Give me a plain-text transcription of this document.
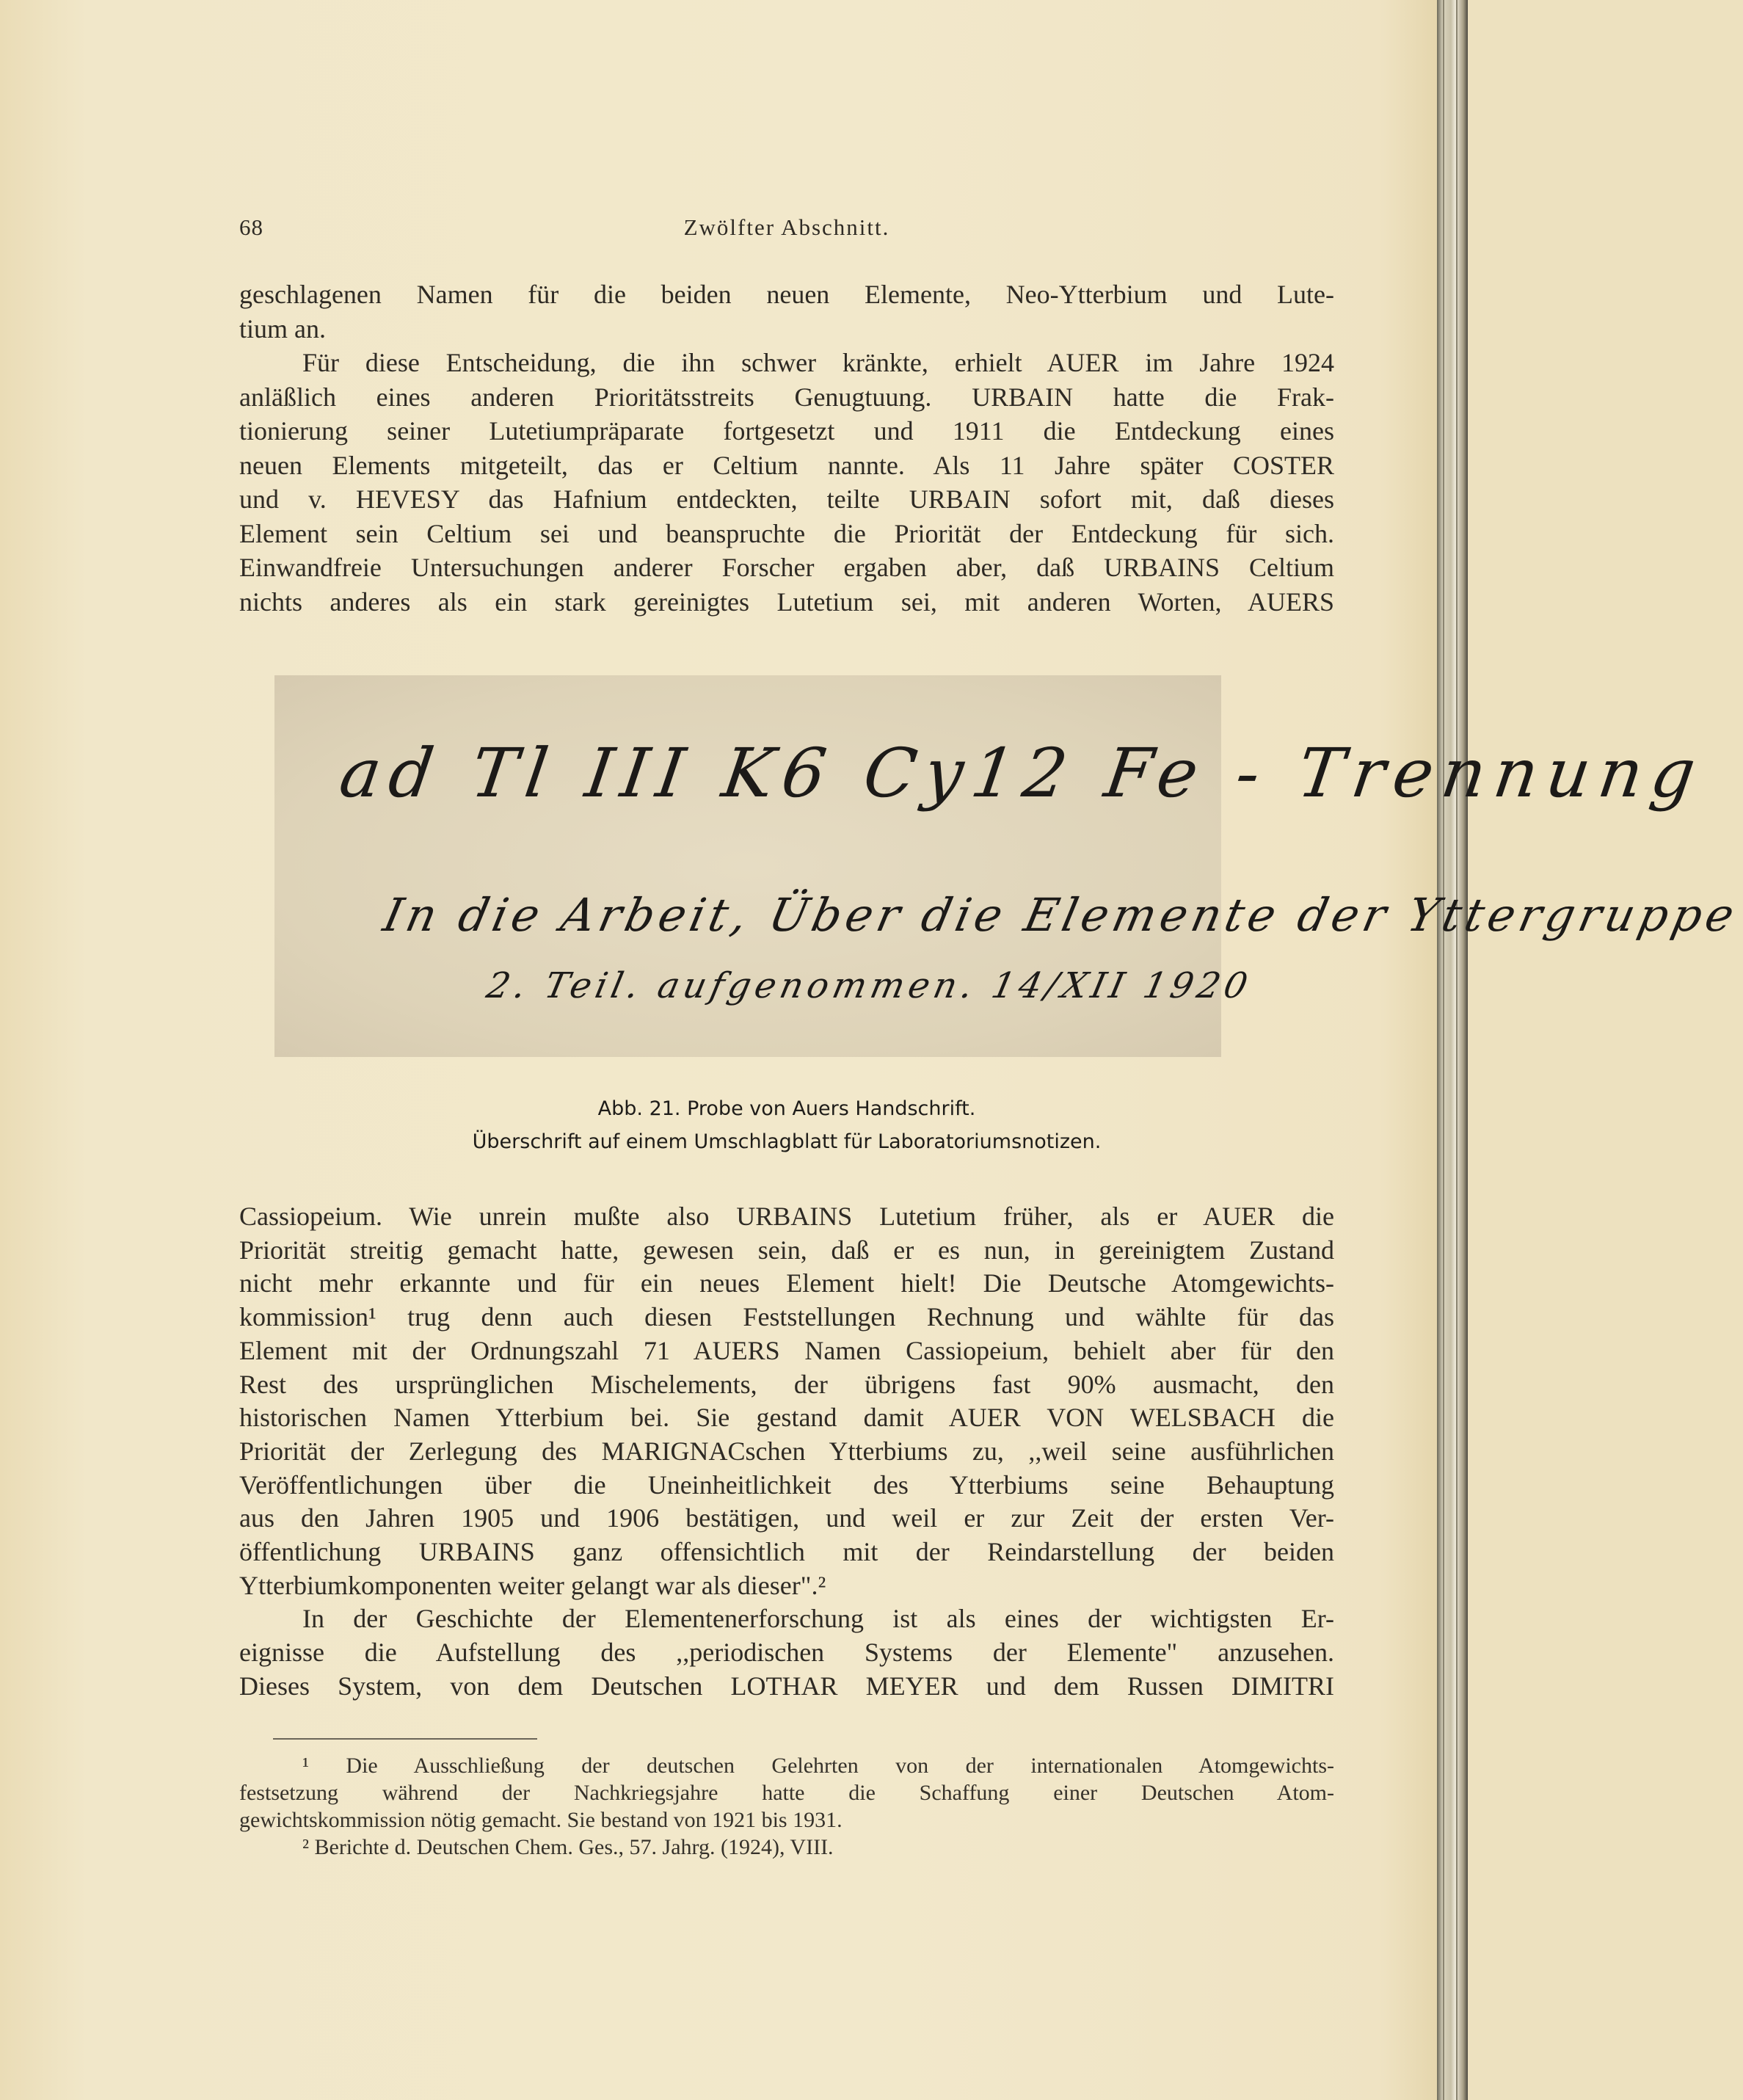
68	Zwölfter Abschnitt.
geschlagenen Namen für die beiden neuen Elemente, Neo-Ytterbium und Lute-
tium an.
Für diese Entscheidung, die ihn schwer kränkte, erhielt AUER im Jahre 1924
anläßlich eines anderen Prioritätsstreits Genugtuung. URBAIN hatte die Frak-
tionierung seiner Lutetiumpräparate fortgesetzt und 1911 die Entdeckung eines
neuen Elements mitgeteilt, das er Celtium nannte. Als 11 Jahre später COSTER
und v. HEVESY das Hafnium entdeckten, teilte URBAIN sofort mit, daß dieses
Element sein Celtium sei und beanspruchte die Priorität der Entdeckung für sich.
Einwandfreie Untersuchungen anderer Forscher ergaben aber, daß URBAINS Celtium
nichts anderes als ein stark gereinigtes Lutetium sei, mit anderen Worten, AUERS
ad Tl III K6 Cy12 Fe - Trennung
In die Arbeit, Über die Elemente der Yttergruppe
2. Teil. aufgenommen. 14/XII 1920
Abb. 21. Probe von Auers Handschrift.
Überschrift auf einem Umschlagblatt für Laboratoriumsnotizen.
Cassiopeium. Wie unrein mußte also URBAINS Lutetium früher, als er AUER die
Priorität streitig gemacht hatte, gewesen sein, daß er es nun, in gereinigtem Zustand
nicht mehr erkannte und für ein neues Element hielt! Die Deutsche Atomgewichts-
kommission¹ trug denn auch diesen Feststellungen Rechnung und wählte für das
Element mit der Ordnungszahl 71 AUERS Namen Cassiopeium, behielt aber für den
Rest des ursprünglichen Mischelements, der übrigens fast 90% ausmacht, den
historischen Namen Ytterbium bei. Sie gestand damit AUER VON WELSBACH die
Priorität der Zerlegung des MARIGNACschen Ytterbiums zu, ,,weil seine ausführlichen
Veröffentlichungen über die Uneinheitlichkeit des Ytterbiums seine Behauptung
aus den Jahren 1905 und 1906 bestätigen, und weil er zur Zeit der ersten Ver-
öffentlichung URBAINS ganz offensichtlich mit der Reindarstellung der beiden
Ytterbiumkomponenten weiter gelangt war als dieser".²
In der Geschichte der Elementenerforschung ist als eines der wichtigsten Er-
eignisse die Aufstellung des ,,periodischen Systems der Elemente" anzusehen.
Dieses System, von dem Deutschen LOTHAR MEYER und dem Russen DIMITRI
¹ Die Ausschließung der deutschen Gelehrten von der internationalen Atomgewichts-
festsetzung während der Nachkriegsjahre hatte die Schaffung einer Deutschen Atom-
gewichtskommission nötig gemacht. Sie bestand von 1921 bis 1931.
² Berichte d. Deutschen Chem. Ges., 57. Jahrg. (1924), VIII.
